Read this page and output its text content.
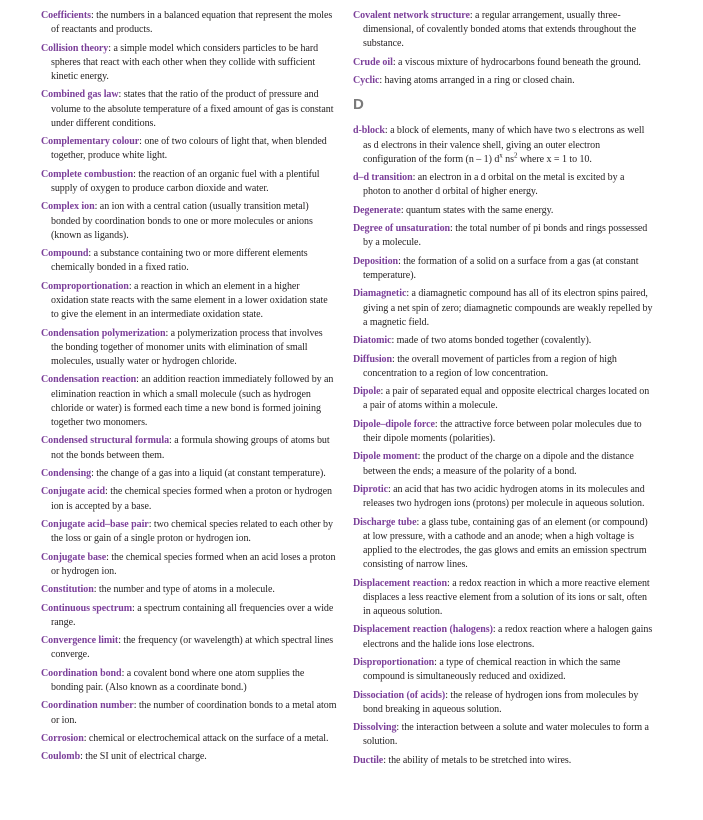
Coefficients: the numbers in a balanced equation that represent the moles of reactants and products.

Collision theory: a simple model which considers particles to be hard spheres that react with each other when they collide with sufficient kinetic energy.

Combined gas law: states that the ratio of the product of pressure and volume to the absolute temperature of a fixed amount of gas is constant under different conditions.

Complementary colour: one of two colours of light that, when blended together, produce white light.

Complete combustion: the reaction of an organic fuel with a plentiful supply of oxygen to produce carbon dioxide and water.

Complex ion: an ion with a central cation (usually transition metal) bonded by coordination bonds to one or more molecules or anions (known as ligands).

Compound: a substance containing two or more different elements chemically bonded in a fixed ratio.

Comproportionation: a reaction in which an element in a higher oxidation state reacts with the same element in a lower oxidation state to give the element in an intermediate oxidation state.

Condensation polymerization: a polymerization process that involves the bonding together of monomer units with elimination of small molecules, usually water or hydrogen chloride.

Condensation reaction: an addition reaction immediately followed by an elimination reaction in which a small molecule (such as hydrogen chloride or water) is formed each time a new bond is formed joining together two monomers.

Condensed structural formula: a formula showing groups of atoms but not the bonds between them.

Condensing: the change of a gas into a liquid (at constant temperature).

Conjugate acid: the chemical species formed when a proton or hydrogen ion is accepted by a base.

Conjugate acid–base pair: two chemical species related to each other by the loss or gain of a single proton or hydrogen ion.

Conjugate base: the chemical species formed when an acid loses a proton or hydrogen ion.

Constitution: the number and type of atoms in a molecule.

Continuous spectrum: a spectrum containing all frequencies over a wide range.

Convergence limit: the frequency (or wavelength) at which spectral lines converge.

Coordination bond: a covalent bond where one atom supplies the bonding pair. (Also known as a coordinate bond.)

Coordination number: the number of coordination bonds to a metal atom or ion.

Corrosion: chemical or electrochemical attack on the surface of a metal.

Coulomb: the SI unit of electrical charge.

Covalent network structure: a regular arrangement, usually three-dimensional, of covalently bonded atoms that extends throughout the substance.

Crude oil: a viscous mixture of hydrocarbons found beneath the ground.

Cyclic: having atoms arranged in a ring or closed chain.

D

d-block: a block of elements, many of which have two s electrons as well as d electrons in their valence shell, giving an outer electron configuration of the form (n – 1) $d^x$ $ns^2$ where x = 1 to 10.

d–d transition: an electron in a d orbital on the metal is excited by a photon to another d orbital of higher energy.

Degenerate: quantum states with the same energy.

Degree of unsaturation: the total number of pi bonds and rings possessed by a molecule.

Deposition: the formation of a solid on a surface from a gas (at constant temperature).

Diamagnetic: a diamagnetic compound has all of its electron spins paired, giving a net spin of zero; diamagnetic compounds are weakly repelled by a magnetic field.

Diatomic: made of two atoms bonded together (covalently).

Diffusion: the overall movement of particles from a region of high concentration to a region of low concentration.

Dipole: a pair of separated equal and opposite electrical charges located on a pair of atoms within a molecule.

Dipole–dipole force: the attractive force between polar molecules due to their dipole moments (polarities).

Dipole moment: the product of the charge on a dipole and the distance between the ends; a measure of the polarity of a bond.

Diprotic: an acid that has two acidic hydrogen atoms in its molecules and releases two hydrogen ions (protons) per molecule in aqueous solution.

Discharge tube: a glass tube, containing gas of an element (or compound) at low pressure, with a cathode and an anode; when a high voltage is applied to the electrodes, the gas glows and emits an emission spectrum consisting of narrow lines.

Displacement reaction: a redox reaction in which a more reactive element displaces a less reactive element from a solution of its ions or salt, often in aqueous solution.

Displacement reaction (halogens): a redox reaction where a halogen gains electrons and the halide ions lose electrons.

Disproportionation: a type of chemical reaction in which the same compound is simultaneously reduced and oxidized.

Dissociation (of acids): the release of hydrogen ions from molecules by bond breaking in aqueous solution.

Dissolving: the interaction between a solute and water molecules to form a solution.

Ductile: the ability of metals to be stretched into wires.
